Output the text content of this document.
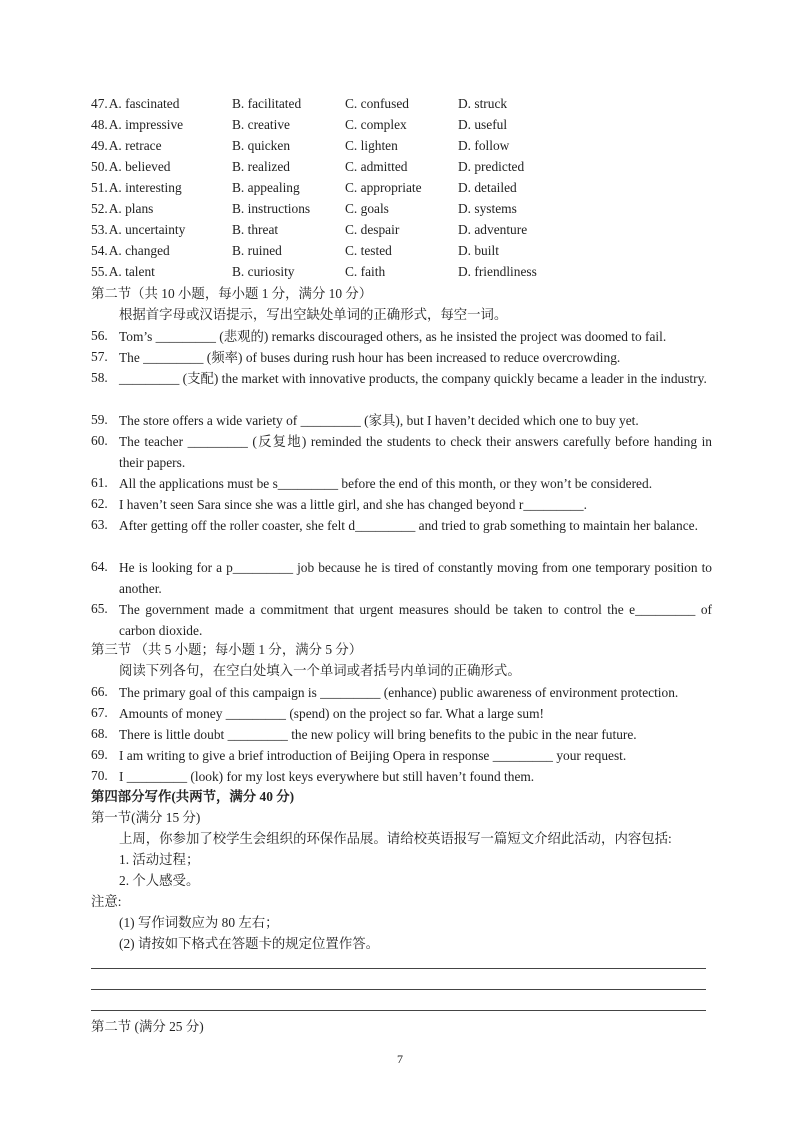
47.A. fascinated	B. facilitated	C. confused	D. struck
48.A. impressive	B. creative	C. complex	D. useful
49.A. retrace	B. quicken	C. lighten	D. follow
50.A. believed	B. realized	C. admitted	D. predicted
51.A. interesting	B. appealing	C. appropriate	D. detailed
52.A. plans	B. instructions	C. goals	D. systems
53.A. uncertainty	B. threat	C. despair	D. adventure
54.A. changed	B. ruined	C. tested	D. built
55.A. talent	B. curiosity	C. faith	D. friendliness
第二节（共 10 小题，每小题 1 分，满分 10 分）
根据首字母或汉语提示，写出空缺处单词的正确形式，每空一词。
56. Tom’s _________ (悲观的) remarks discouraged others, as he insisted the project was doomed to fail.
57. The _________ (频率) of buses during rush hour has been increased to reduce overcrowding.
58. _________ (支配) the market with innovative products, the company quickly became a leader in the industry.
59. The store offers a wide variety of _________ (家具), but I haven’t decided which one to buy yet.
60. The teacher _________ (反复地) reminded the students to check their answers carefully before handing in their papers.
61. All the applications must be s_________ before the end of this month, or they won’t be considered.
62. I haven’t seen Sara since she was a little girl, and she has changed beyond r_________.
63. After getting off the roller coaster, she felt d_________ and tried to grab something to maintain her balance.
64. He is looking for a p_________ job because he is tired of constantly moving from one temporary position to another.
65. The government made a commitment that urgent measures should be taken to control the e_________ of carbon dioxide.
第三节 （共 5 小题；每小题 1 分，满分 5 分）
阅读下列各句，在空白处填入一个单词或者括号内单词的正确形式。
66. The primary goal of this campaign is _________ (enhance) public awareness of environment protection.
67. Amounts of money _________ (spend) on the project so far. What a large sum!
68. There is little doubt _________ the new policy will bring benefits to the pubic in the near future.
69. I am writing to give a brief introduction of Beijing Opera in response _________ your request.
70. I _________ (look) for my lost keys everywhere but still haven’t found them.
第四部分写作(共两节，满分 40 分)
第一节(满分 15 分)
上周，你参加了校学生会组织的环保作品展。请给校英语报写一篇短文介绍此活动，内容包括:
1. 活动过程；
2. 个人感受。
注意:
(1) 写作词数应为 80 左右；
(2) 请按如下格式在答题卡的规定位置作答。
第二节 (满分 25 分)
7
